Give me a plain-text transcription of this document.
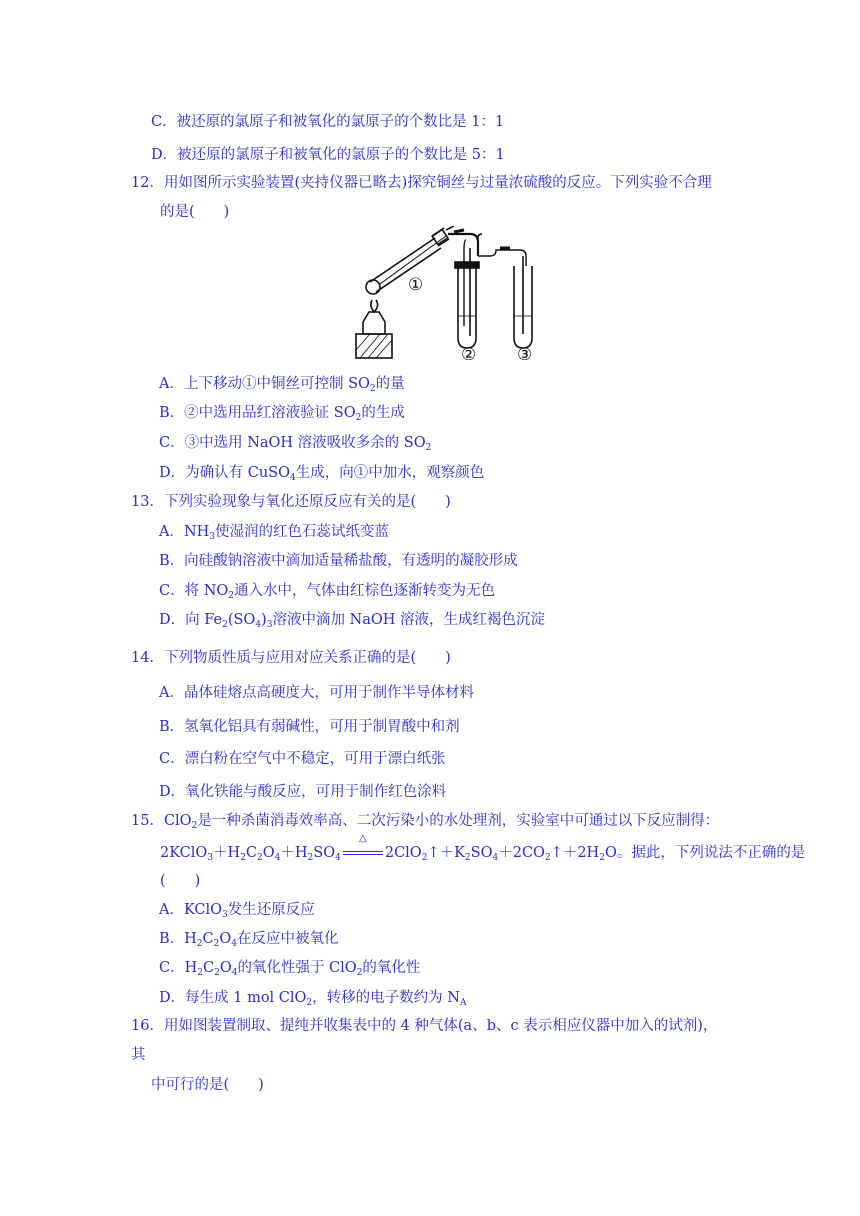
C．被还原的氯原子和被氧化的氯原子的个数比是 1：1
D．被还原的氯原子和被氧化的氯原子的个数比是 5：1
12．用如图所示实验装置(夹持仪器已略去)探究铜丝与过量浓硫酸的反应。下列实验不合理
的是(　　)
①
② ③
A．上下移动①中铜丝可控制 $SO_2$的量
B．②中选用品红溶液验证 $SO_2$的生成
C．③中选用 NaOH 溶液吸收多余的 $SO_2$
D．为确认有 CuSO$_4$生成，向①中加水，观察颜色
13．下列实验现象与氧化还原反应有关的是(　　)
A．$NH_3$使湿润的红色石蕊试纸变蓝
B．向硅酸钠溶液中滴加适量稀盐酸，有透明的凝胶形成
C．将 $NO_2$通入水中，气体由红棕色逐渐转变为无色
D．向 $Fe_2(SO_4)_3$溶液中滴加 NaOH 溶液，生成红褐色沉淀
14．下列物质性质与应用对应关系正确的是(　　)
A．晶体硅熔点高硬度大，可用于制作半导体材料
B．氢氧化铝具有弱碱性，可用于制胃酸中和剂
C．漂白粉在空气中不稳定，可用于漂白纸张
D．氧化铁能与酸反应，可用于制作红色涂料
15．ClO$_2$是一种杀菌消毒效率高、二次污染小的水处理剂，实验室中可通过以下反应制得：
$2KClO_3+H_2C_2O_4+H_2SO_4$
△
$2ClO_2↑+K_2SO_4+2CO_2↑+2H_2O$。据此，下列说法不正确的是
(　　)
A．KClO$_3$发生还原反应
B．$H_2C_2O_4$在反应中被氧化
C．$H_2C_2O_4$的氧化性强于 ClO$_2$的氧化性
D．每生成 1 mol ClO$_2$，转移的电子数约为 $N_A$
16．用如图装置制取、提纯并收集表中的 4 种气体(a、b、c 表示相应仪器中加入的试剂)，
其
中可行的是(　　)
